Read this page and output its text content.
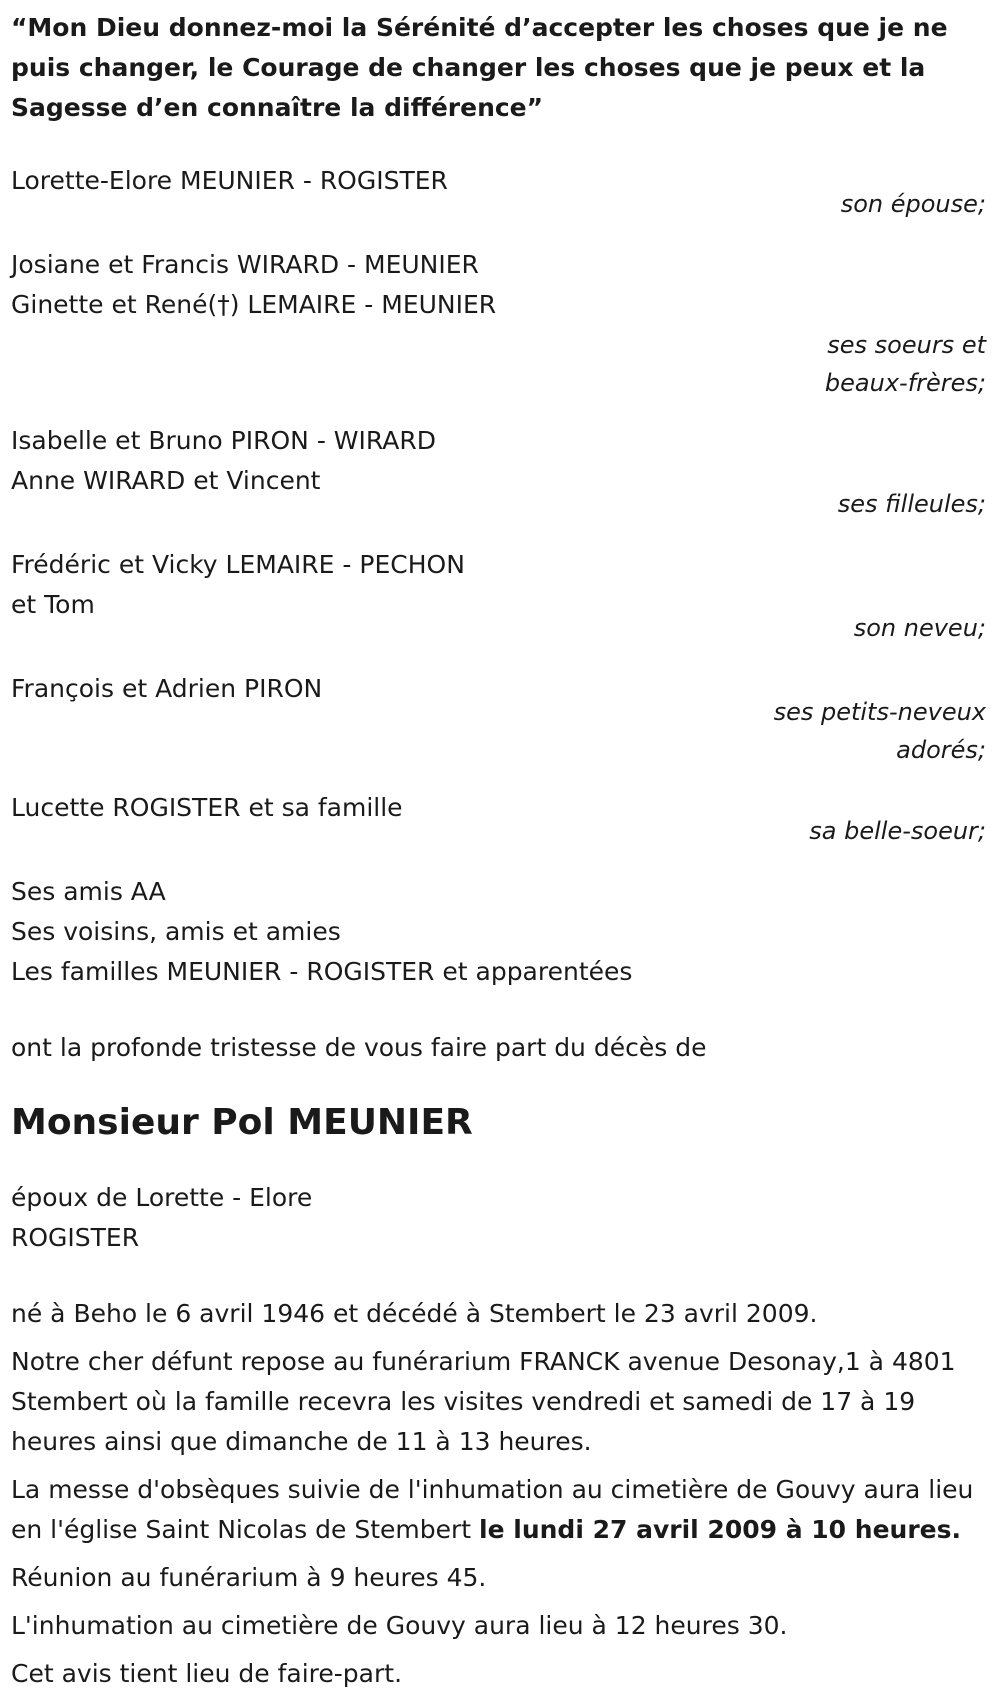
“Mon Dieu donnez-moi la Sérénité d’accepter les choses que je ne puis changer, le Courage de changer les choses que je peux et la Sagesse d’en connaître la différence”

Lorette-Elore MEUNIER - ROGISTER

son épouse;

Josiane et Francis WIRARD - MEUNIER

Ginette et René(†) LEMAIRE - MEUNIER

ses soeurs et

beaux-frères;

Isabelle et Bruno PIRON - WIRARD

Anne WIRARD et Vincent

ses filleules;

Frédéric et Vicky LEMAIRE - PECHON

et Tom

son neveu;

François et Adrien PIRON

ses petits-neveux

adorés;

Lucette ROGISTER et sa famille

sa belle-soeur;

Ses amis AA

Ses voisins, amis et amies

Les familles MEUNIER - ROGISTER et apparentées

ont la profonde tristesse de vous faire part du décès de

Monsieur Pol MEUNIER

époux de Lorette - Elore

ROGISTER

né à Beho le 6 avril 1946 et décédé à Stembert le 23 avril 2009.

Notre cher défunt repose au funérarium FRANCK avenue Desonay,1 à 4801 Stembert où la famille recevra les visites vendredi et samedi de 17 à 19 heures ainsi que dimanche de 11 à 13 heures.

La messe d'obsèques suivie de l'inhumation au cimetière de Gouvy aura lieu en l'église Saint Nicolas de Stembert le lundi 27 avril 2009 à 10 heures.

Réunion au funérarium à 9 heures 45.

L'inhumation au cimetière de Gouvy aura lieu à 12 heures 30.

Cet avis tient lieu de faire-part.
